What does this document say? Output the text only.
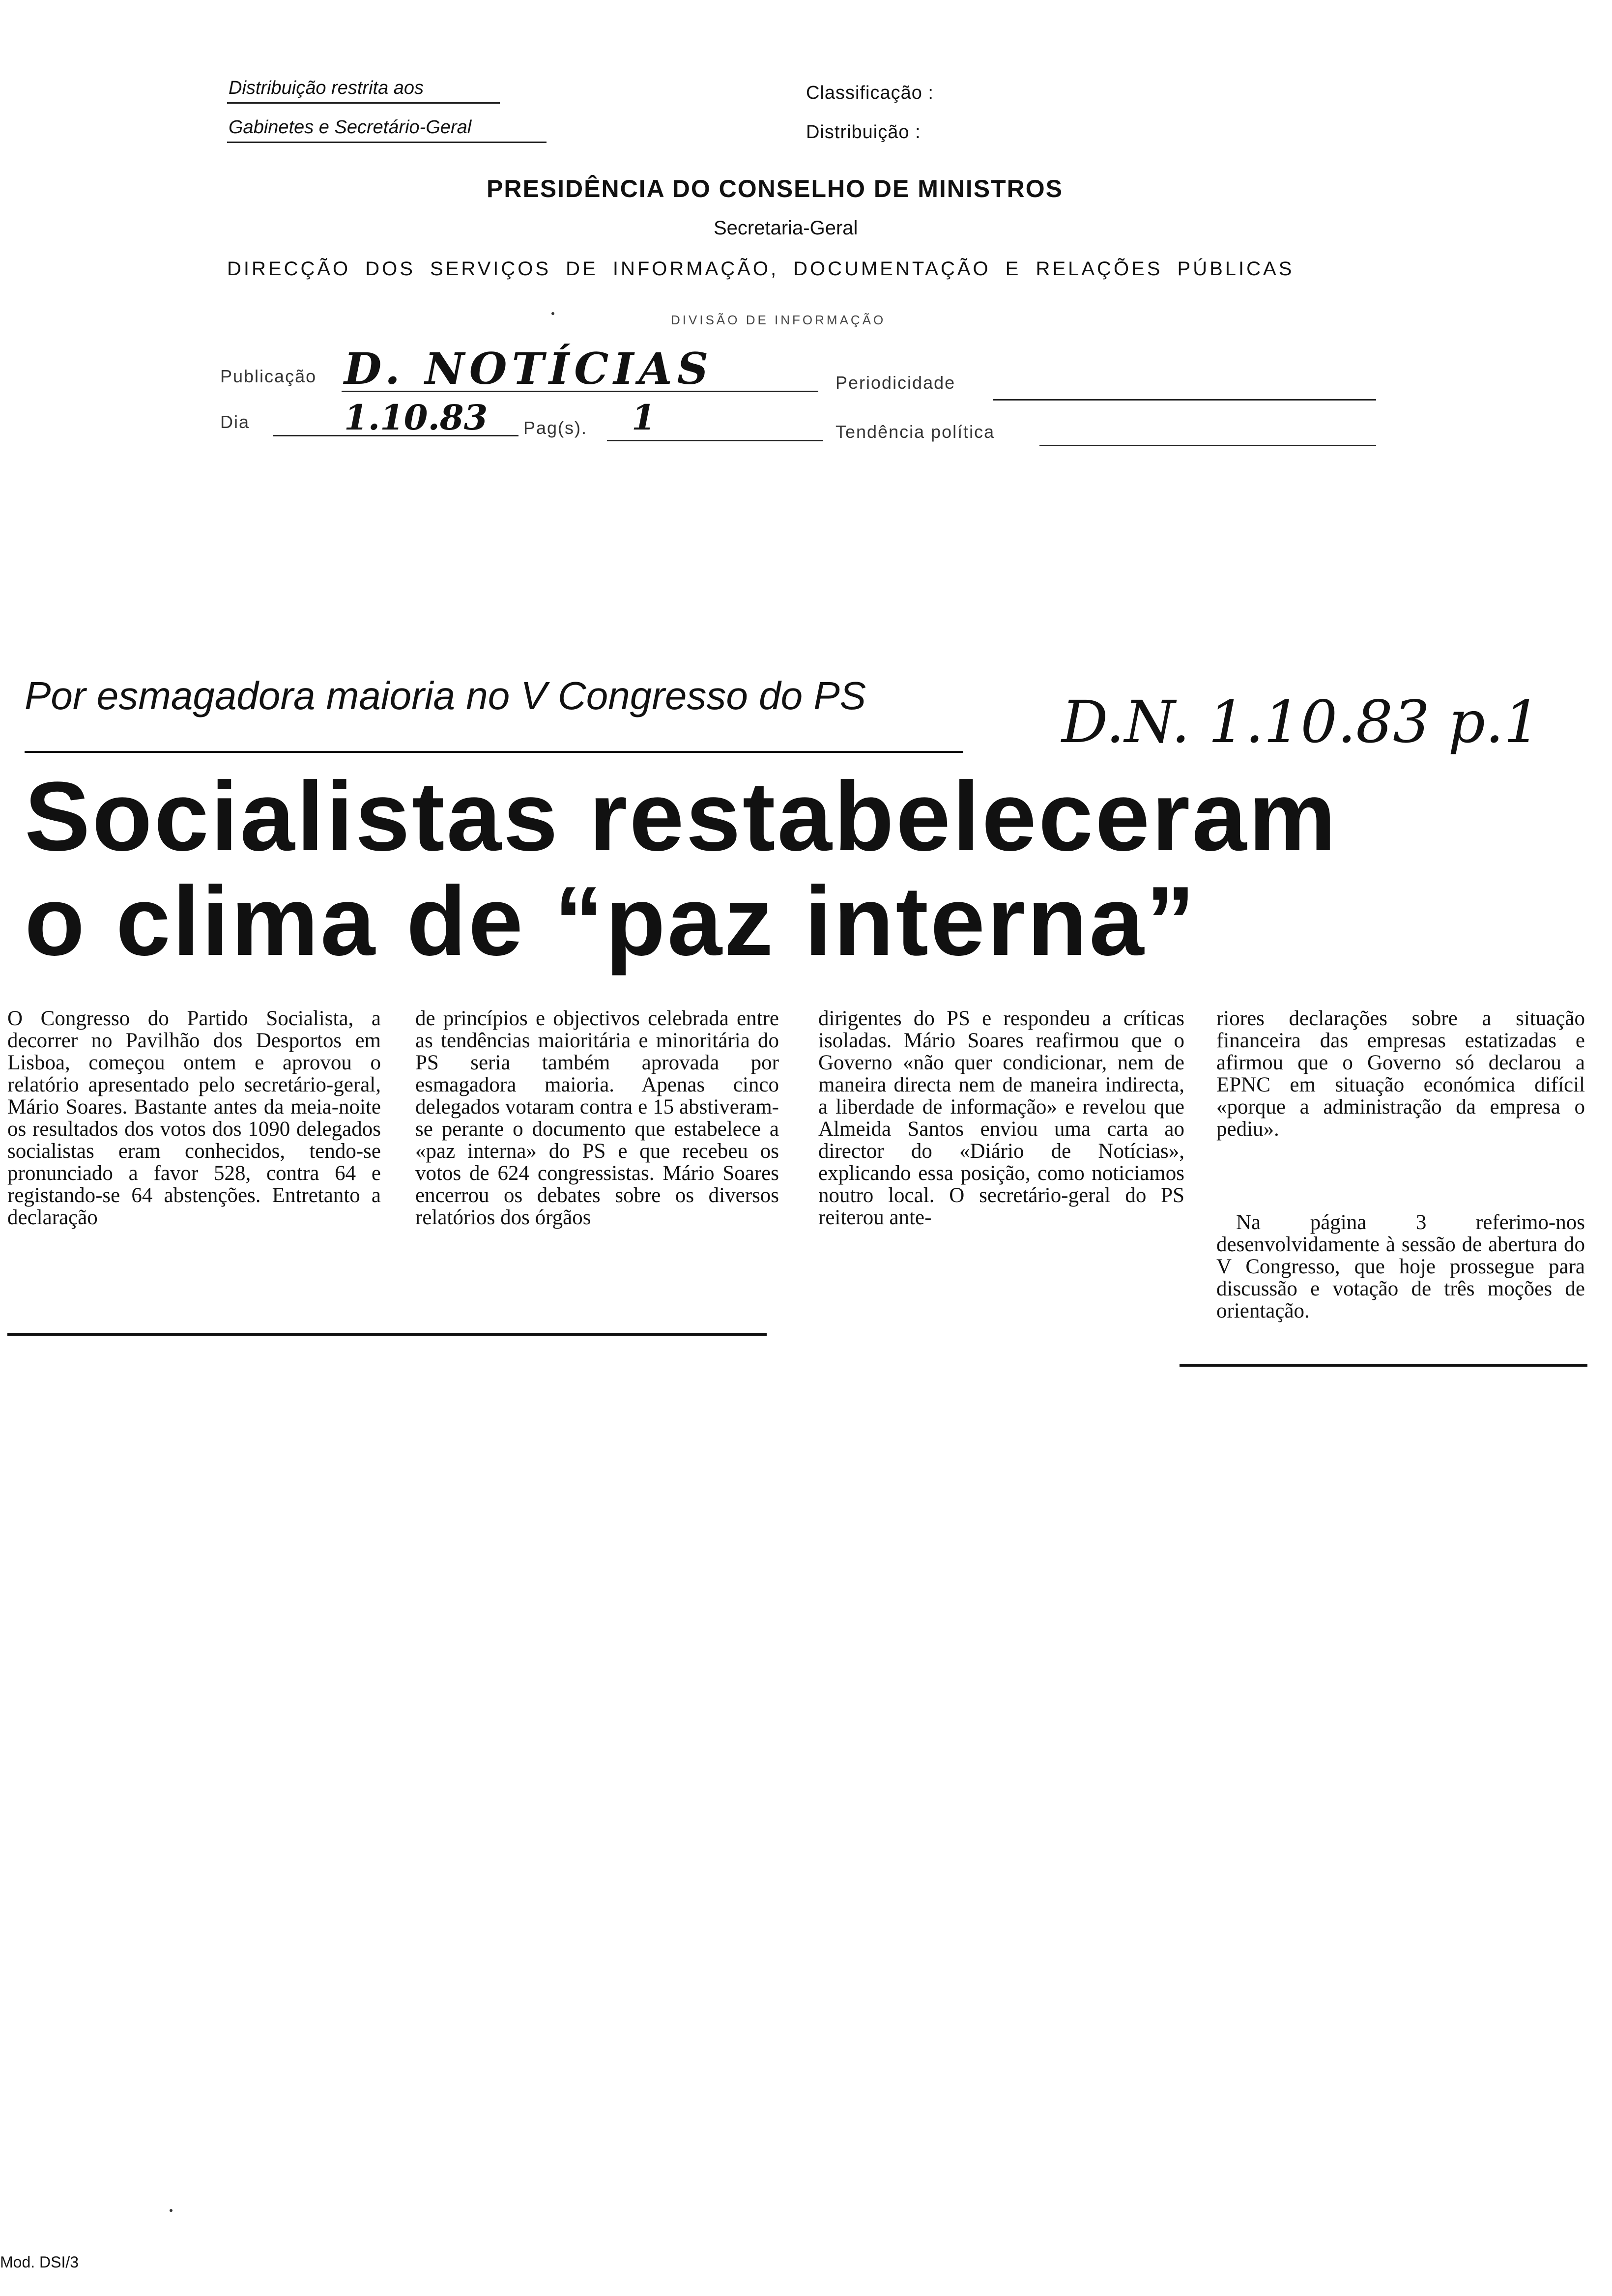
Distribuição restrita aos
Gabinetes e Secretário-Geral
Classificação :
Distribuição :
PRESIDÊNCIA DO CONSELHO DE MINISTROS
Secretaria-Geral
DIRECÇÃO DOS SERVIÇOS DE INFORMAÇÃO, DOCUMENTAÇÃO E RELAÇÕES PÚBLICAS
DIVISÃO DE INFORMAÇÃO
Publicação D. NOTÍCIAS	Periodicidade
Dia	1.10.83 Pag(s). 1	Tendência política
Por esmagadora maioria no V Congresso do PS	D.N. 1.10.83 p.1
Socialistas restabeleceram
o clima de “paz interna”

O Congresso do Partido Socialista, a decorrer no Pavilhão dos Desportos em Lisboa, começou ontem e aprovou o relatório apresentado pelo secretário-geral, Mário Soares. Bastante antes da meia-noite os resultados dos votos dos 1090 delegados socialistas eram conhecidos, tendo-se pronunciado a favor 528, contra 64 e registando-se 64 abstenções. Entretanto a declaração

de princípios e objectivos celebrada entre as tendências maioritária e minoritária do PS seria também aprovada por esmagadora maioria. Apenas cinco delegados votaram contra e 15 abstiveram-se perante o documento que estabelece a «paz interna» do PS e que recebeu os votos de 624 congressistas. Mário Soares encerrou os debates sobre os diversos relatórios dos órgãos

dirigentes do PS e respondeu a críticas isoladas. Mário Soares reafirmou que o Governo «não quer condicionar, nem de maneira directa nem de maneira indirecta, a liberdade de informação» e revelou que Almeida Santos enviou uma carta ao director do «Diário de Notícias», explicando essa posição, como noticiamos noutro local. O secretário-geral do PS reiterou ante-

riores declarações sobre a situação financeira das empresas estatizadas e afirmou que o Governo só declarou a EPNC em situação económica difícil «porque a administração da empresa o pediu».

Na página 3 referimo-nos desenvolvidamente à sessão de abertura do V Congresso, que hoje prossegue para discussão e votação de três moções de orientação.

Mod. DSI/3
